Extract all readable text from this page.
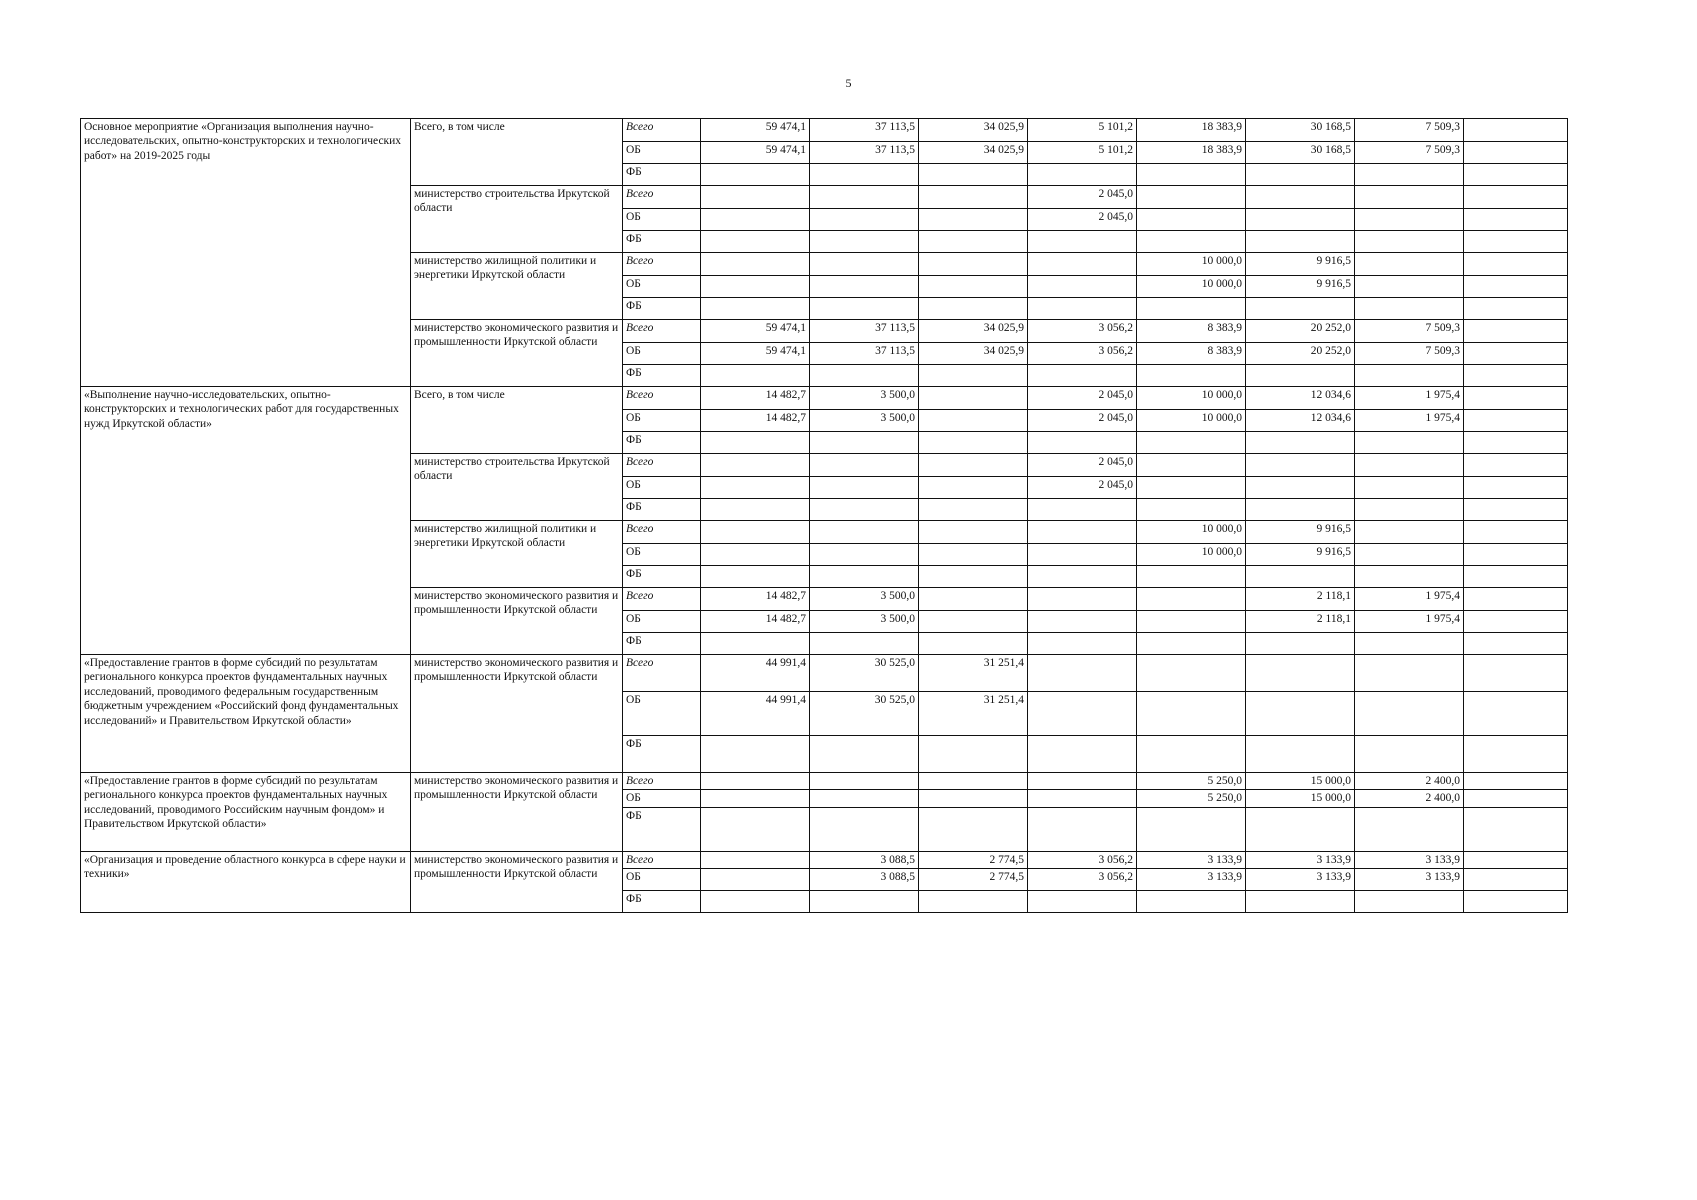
5
Основное мероприятие «Организация выполнения научно-исследовательских, опытно-конструкторских и технологических работ» на 2019-2025 годы	Всего, в том числе	Всего	59 474,1	37 113,5	34 025,9	5 101,2	18 383,9	30 168,5	7 509,3	
		ОБ	59 474,1	37 113,5	34 025,9	5 101,2	18 383,9	30 168,5	7 509,3	
		ФБ								
	министерство строительства Иркутской области	Всего				2 045,0				
		ОБ				2 045,0				
		ФБ								
	министерство жилищной политики и энергетики Иркутской области	Всего					10 000,0	9 916,5		
		ОБ					10 000,0	9 916,5		
		ФБ								
	министерство экономического развития и промышленности Иркутской области	Всего	59 474,1	37 113,5	34 025,9	3 056,2	8 383,9	20 252,0	7 509,3	
		ОБ	59 474,1	37 113,5	34 025,9	3 056,2	8 383,9	20 252,0	7 509,3	
		ФБ								
«Выполнение научно-исследовательских, опытно-конструкторских и технологических работ для государственных нужд Иркутской области»	Всего, в том числе	Всего	14 482,7	3 500,0		2 045,0	10 000,0	12 034,6	1 975,4	
		ОБ	14 482,7	3 500,0		2 045,0	10 000,0	12 034,6	1 975,4	
		ФБ								
	министерство строительства Иркутской области	Всего				2 045,0				
		ОБ				2 045,0				
		ФБ								
	министерство жилищной политики и энергетики Иркутской области	Всего					10 000,0	9 916,5		
		ОБ					10 000,0	9 916,5		
		ФБ								
	министерство экономического развития и промышленности Иркутской области	Всего	14 482,7	3 500,0				2 118,1	1 975,4	
		ОБ	14 482,7	3 500,0				2 118,1	1 975,4	
		ФБ								
«Предоставление грантов в форме субсидий по результатам регионального конкурса проектов фундаментальных научных исследований, проводимого федеральным государственным бюджетным учреждением «Российский фонд фундаментальных исследований» и Правительством Иркутской области»	министерство экономического развития и промышленности Иркутской области	Всего	44 991,4	30 525,0	31 251,4					
		ОБ	44 991,4	30 525,0	31 251,4					
		ФБ								
«Предоставление грантов в форме субсидий по результатам регионального конкурса проектов фундаментальных научных исследований, проводимого Российским научным фондом» и Правительством Иркутской области»	министерство экономического развития и промышленности Иркутской области	Всего					5 250,0	15 000,0	2 400,0	
		ОБ					5 250,0	15 000,0	2 400,0	
		ФБ								
«Организация и проведение областного конкурса в сфере науки и техники»	министерство экономического развития и промышленности Иркутской области	Всего		3 088,5	2 774,5	3 056,2	3 133,9	3 133,9	3 133,9	
		ОБ		3 088,5	2 774,5	3 056,2	3 133,9	3 133,9	3 133,9	
		ФБ								
